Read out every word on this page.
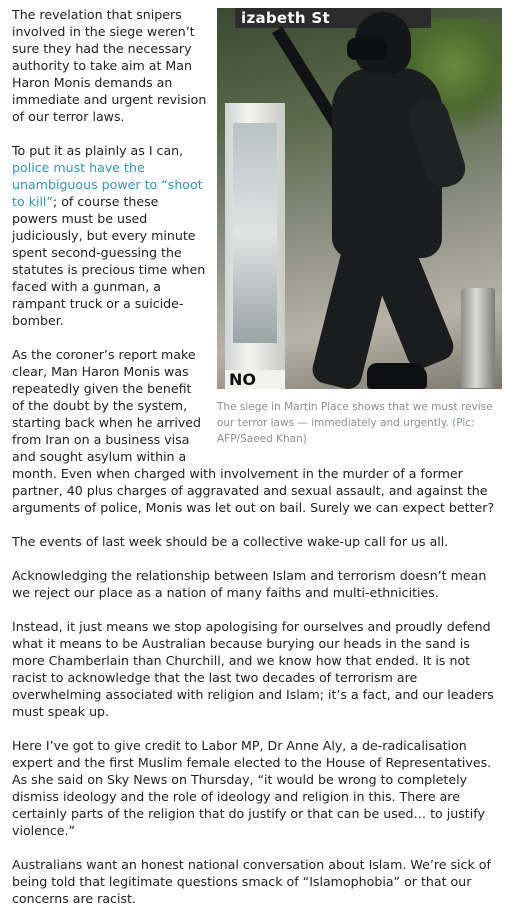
izabeth St
NO
The siege in Martin Place shows that we must revise our terror laws — immediately and urgently. (Pic: AFP/Saeed Khan)

The revelation that snipers involved in the siege weren’t sure they had the necessary authority to take aim at Man Haron Monis demands an immediate and urgent revision of our terror laws.

To put it as plainly as I can, police must have the unambiguous power to “shoot to kill”; of course these powers must be used judiciously, but every minute spent second-guessing the statutes is precious time when faced with a gunman, a rampant truck or a suicide-bomber.

As the coroner’s report make clear, Man Haron Monis was repeatedly given the benefit of the doubt by the system, starting back when he arrived from Iran on a business visa and sought asylum within a month. Even when charged with involvement in the murder of a former partner, 40 plus charges of aggravated and sexual assault, and against the arguments of police, Monis was let out on bail. Surely we can expect better?

The events of last week should be a collective wake-up call for us all.

Acknowledging the relationship between Islam and terrorism doesn’t mean we reject our place as a nation of many faiths and multi-ethnicities.

Instead, it just means we stop apologising for ourselves and proudly defend what it means to be Australian because burying our heads in the sand is more Chamberlain than Churchill, and we know how that ended. It is not racist to acknowledge that the last two decades of terrorism are overwhelming associated with religion and Islam; it’s a fact, and our leaders must speak up.

Here I’ve got to give credit to Labor MP, Dr Anne Aly, a de-radicalisation expert and the first Muslim female elected to the House of Representatives. As she said on Sky News on Thursday, “it would be wrong to completely dismiss ideology and the role of ideology and religion in this. There are certainly parts of the religion that do justify or that can be used… to justify violence.”

Australians want an honest national conversation about Islam. We’re sick of being told that legitimate questions smack of “Islamophobia” or that our concerns are racist.
